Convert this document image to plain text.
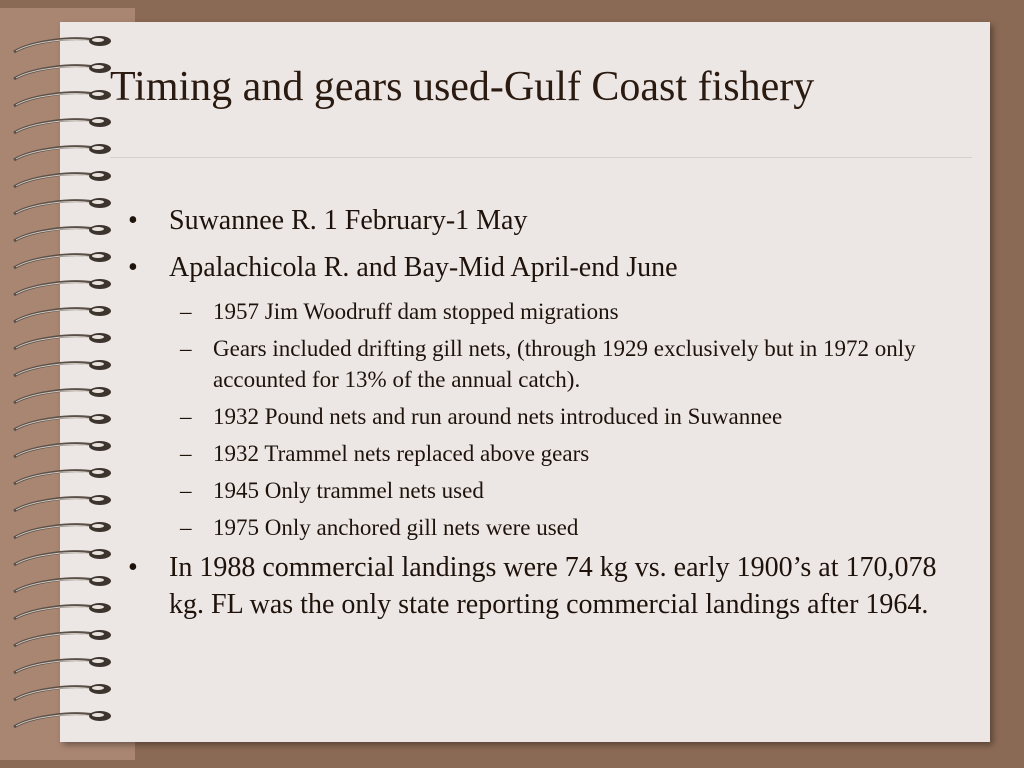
Timing and gears used-Gulf Coast fishery
•	Suwannee R. 1 February-1 May
•	Apalachicola R. and Bay-Mid April-end June
– 1957 Jim Woodruff dam stopped migrations
– Gears included drifting gill nets, (through 1929 exclusively but in 1972 only accounted for 13% of the annual catch).
– 1932 Pound nets and run around nets introduced in Suwannee
– 1932 Trammel nets replaced above gears
– 1945 Only trammel nets used
– 1975 Only anchored gill nets were used
•	In 1988 commercial landings were 74 kg vs. early 1900’s at 170,078 kg. FL was the only state reporting commercial landings after 1964.
